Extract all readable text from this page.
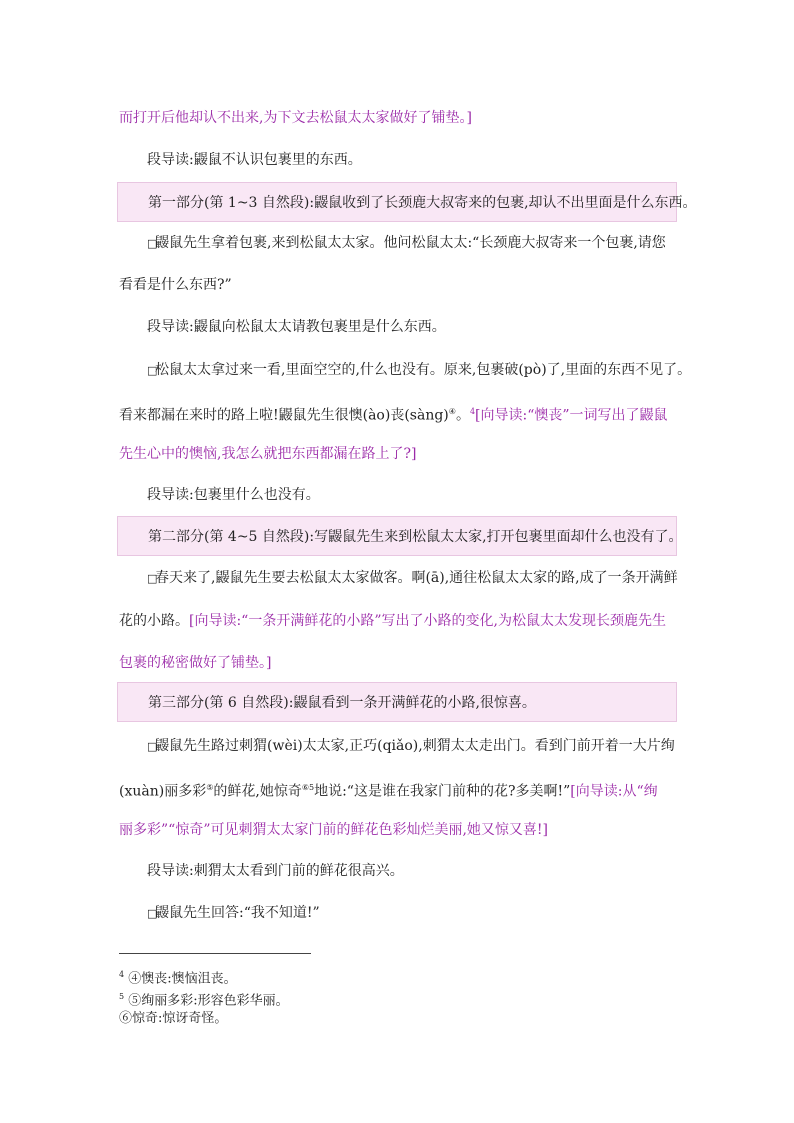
而打开后他却认不出来,为下文去松鼠太太家做好了铺垫。]
段导读:鼹鼠不认识包裹里的东西。
第一部分(第 1~3 自然段):鼹鼠收到了长颈鹿大叔寄来的包裹,却认不出里面是什么东西。
□鼹鼠先生拿着包裹,来到松鼠太太家。他问松鼠太太:“长颈鹿大叔寄来一个包裹,请您
看看是什么东西?”
段导读:鼹鼠向松鼠太太请教包裹里是什么东西。
□松鼠太太拿过来一看,里面空空的,什么也没有。原来,包裹破(pò)了,里面的东西不见了。
看来都漏在来时的路上啦!鼹鼠先生很懊(ào)丧(sàng)④。$^4$[向导读:“懊丧”一词写出了鼹鼠
先生心中的懊恼,我怎么就把东西都漏在路上了?]
段导读:包裹里什么也没有。
第二部分(第 4~5 自然段):写鼹鼠先生来到松鼠太太家,打开包裹里面却什么也没有了。
□春天来了,鼹鼠先生要去松鼠太太家做客。啊(ā),通往松鼠太太家的路,成了一条开满鲜
花的小路。[向导读:“一条开满鲜花的小路”写出了小路的变化,为松鼠太太发现长颈鹿先生
包裹的秘密做好了铺垫。]
第三部分(第 6 自然段):鼹鼠看到一条开满鲜花的小路,很惊喜。
□鼹鼠先生路过刺猬(wèi)太太家,正巧(qiǎo),刺猬太太走出门。看到门前开着一大片绚
(xuàn)丽多彩⑤的鲜花,她惊奇$^{⑥5}$地说:“这是谁在我家门前种的花?多美啊!”[向导读:从“绚
丽多彩”“惊奇”可见刺猬太太家门前的鲜花色彩灿烂美丽,她又惊又喜!]
段导读:刺猬太太看到门前的鲜花很高兴。
□鼹鼠先生回答:“我不知道!”
$^4$ ④懊丧:懊恼沮丧。
$^5$ ⑤绚丽多彩:形容色彩华丽。
⑥惊奇:惊讶奇怪。
